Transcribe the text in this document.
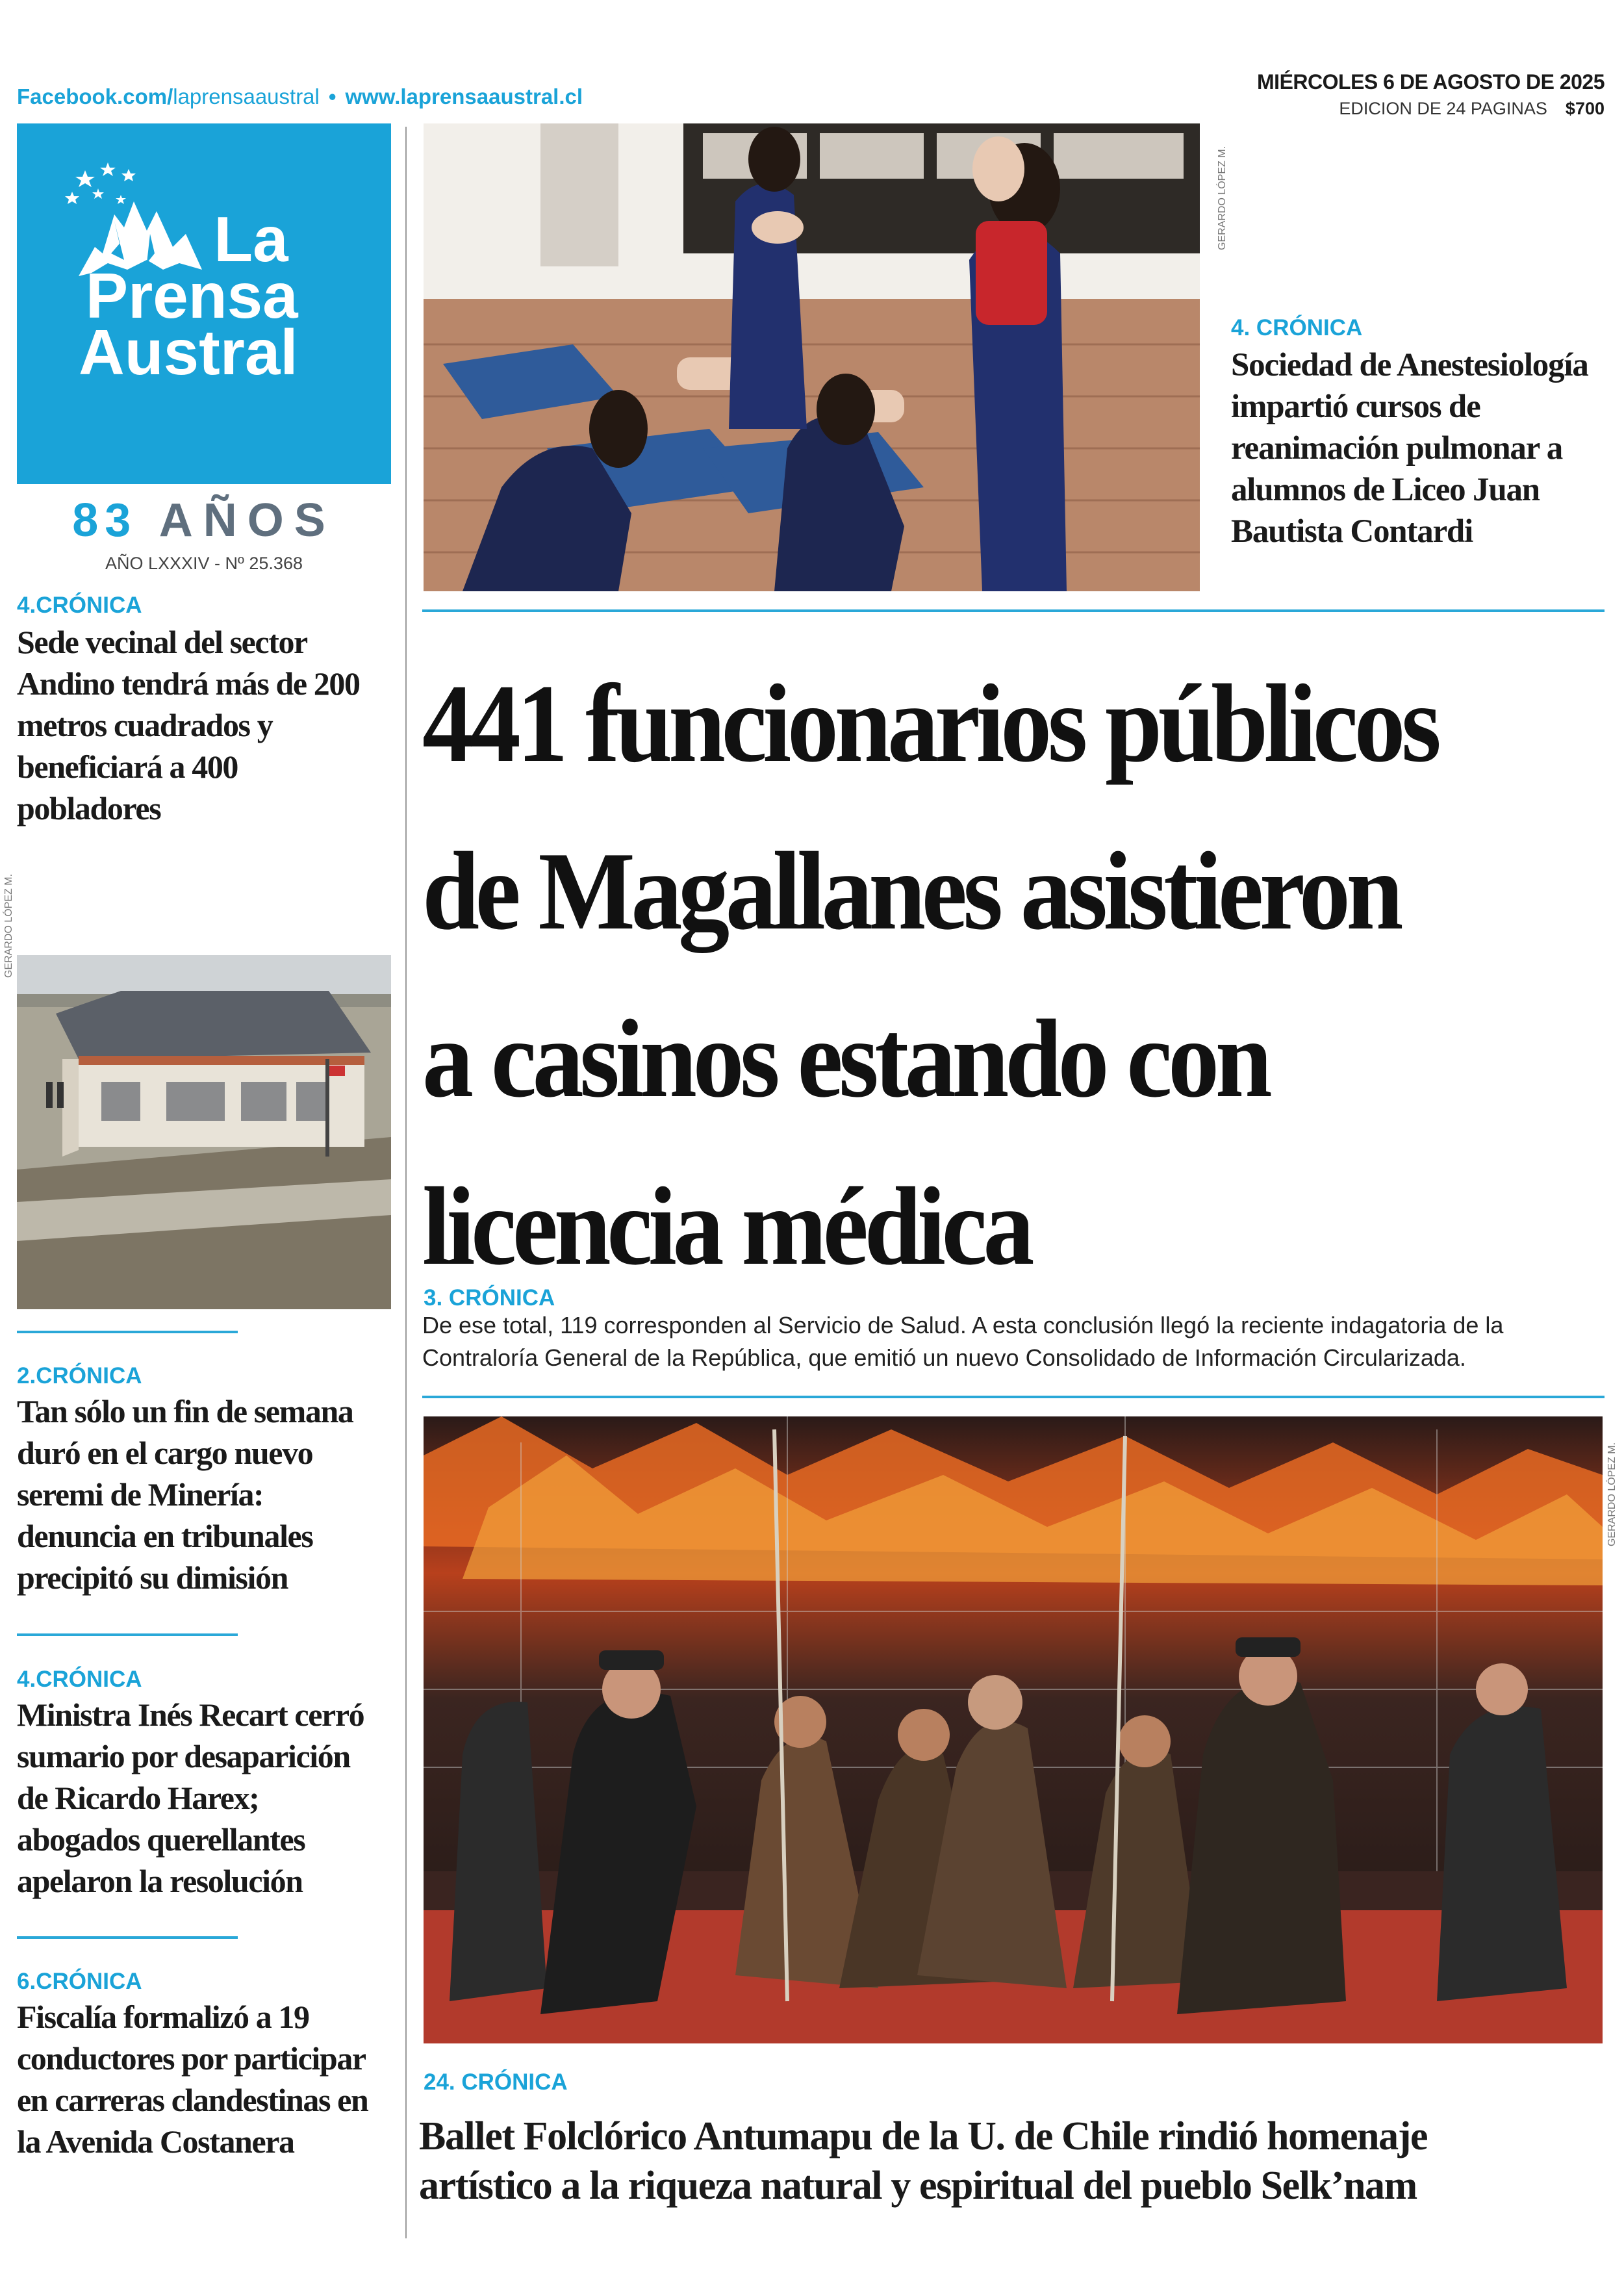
Facebook.com/laprensaaustral • www.laprensaaustral.cl
MIÉRCOLES 6 DE AGOSTO DE 2025
EDICION DE 24 PAGINAS $700
La
Prensa
Austral
83 AÑOS
AÑO LXXXIV - Nº 25.368
4.CRÓNICA
Sede vecinal del sector Andino tendrá más de 200 metros cuadrados y beneficiará a 400 pobladores
GERARDO LÓPEZ M.
2.CRÓNICA
Tan sólo un fin de semana duró en el cargo nuevo seremi de Minería: denuncia en tribunales precipitó su dimisión
4.CRÓNICA
Ministra Inés Recart cerró sumario por desaparición de Ricardo Harex; abogados querellantes apelaron la resolución
6.CRÓNICA
Fiscalía formalizó a 19 conductores por participar en carreras clandestinas en la Avenida Costanera
GERARDO LÓPEZ M.
4. CRÓNICA
Sociedad de Anestesiología impartió cursos de reanimación pulmonar a alumnos de Liceo Juan Bautista Contardi
441 funcionarios públicos
de Magallanes asistieron
a casinos estando con
licencia médica
3. CRÓNICA
De ese total, 119 corresponden al Servicio de Salud. A esta conclusión llegó la reciente indagatoria de la Contraloría General de la República, que emitió un nuevo Consolidado de Información Circularizada.
GERARDO LÓPEZ M.
24. CRÓNICA
Ballet Folclórico Antumapu de la U. de Chile rindió homenaje
artístico a la riqueza natural y espiritual del pueblo Selk’nam
